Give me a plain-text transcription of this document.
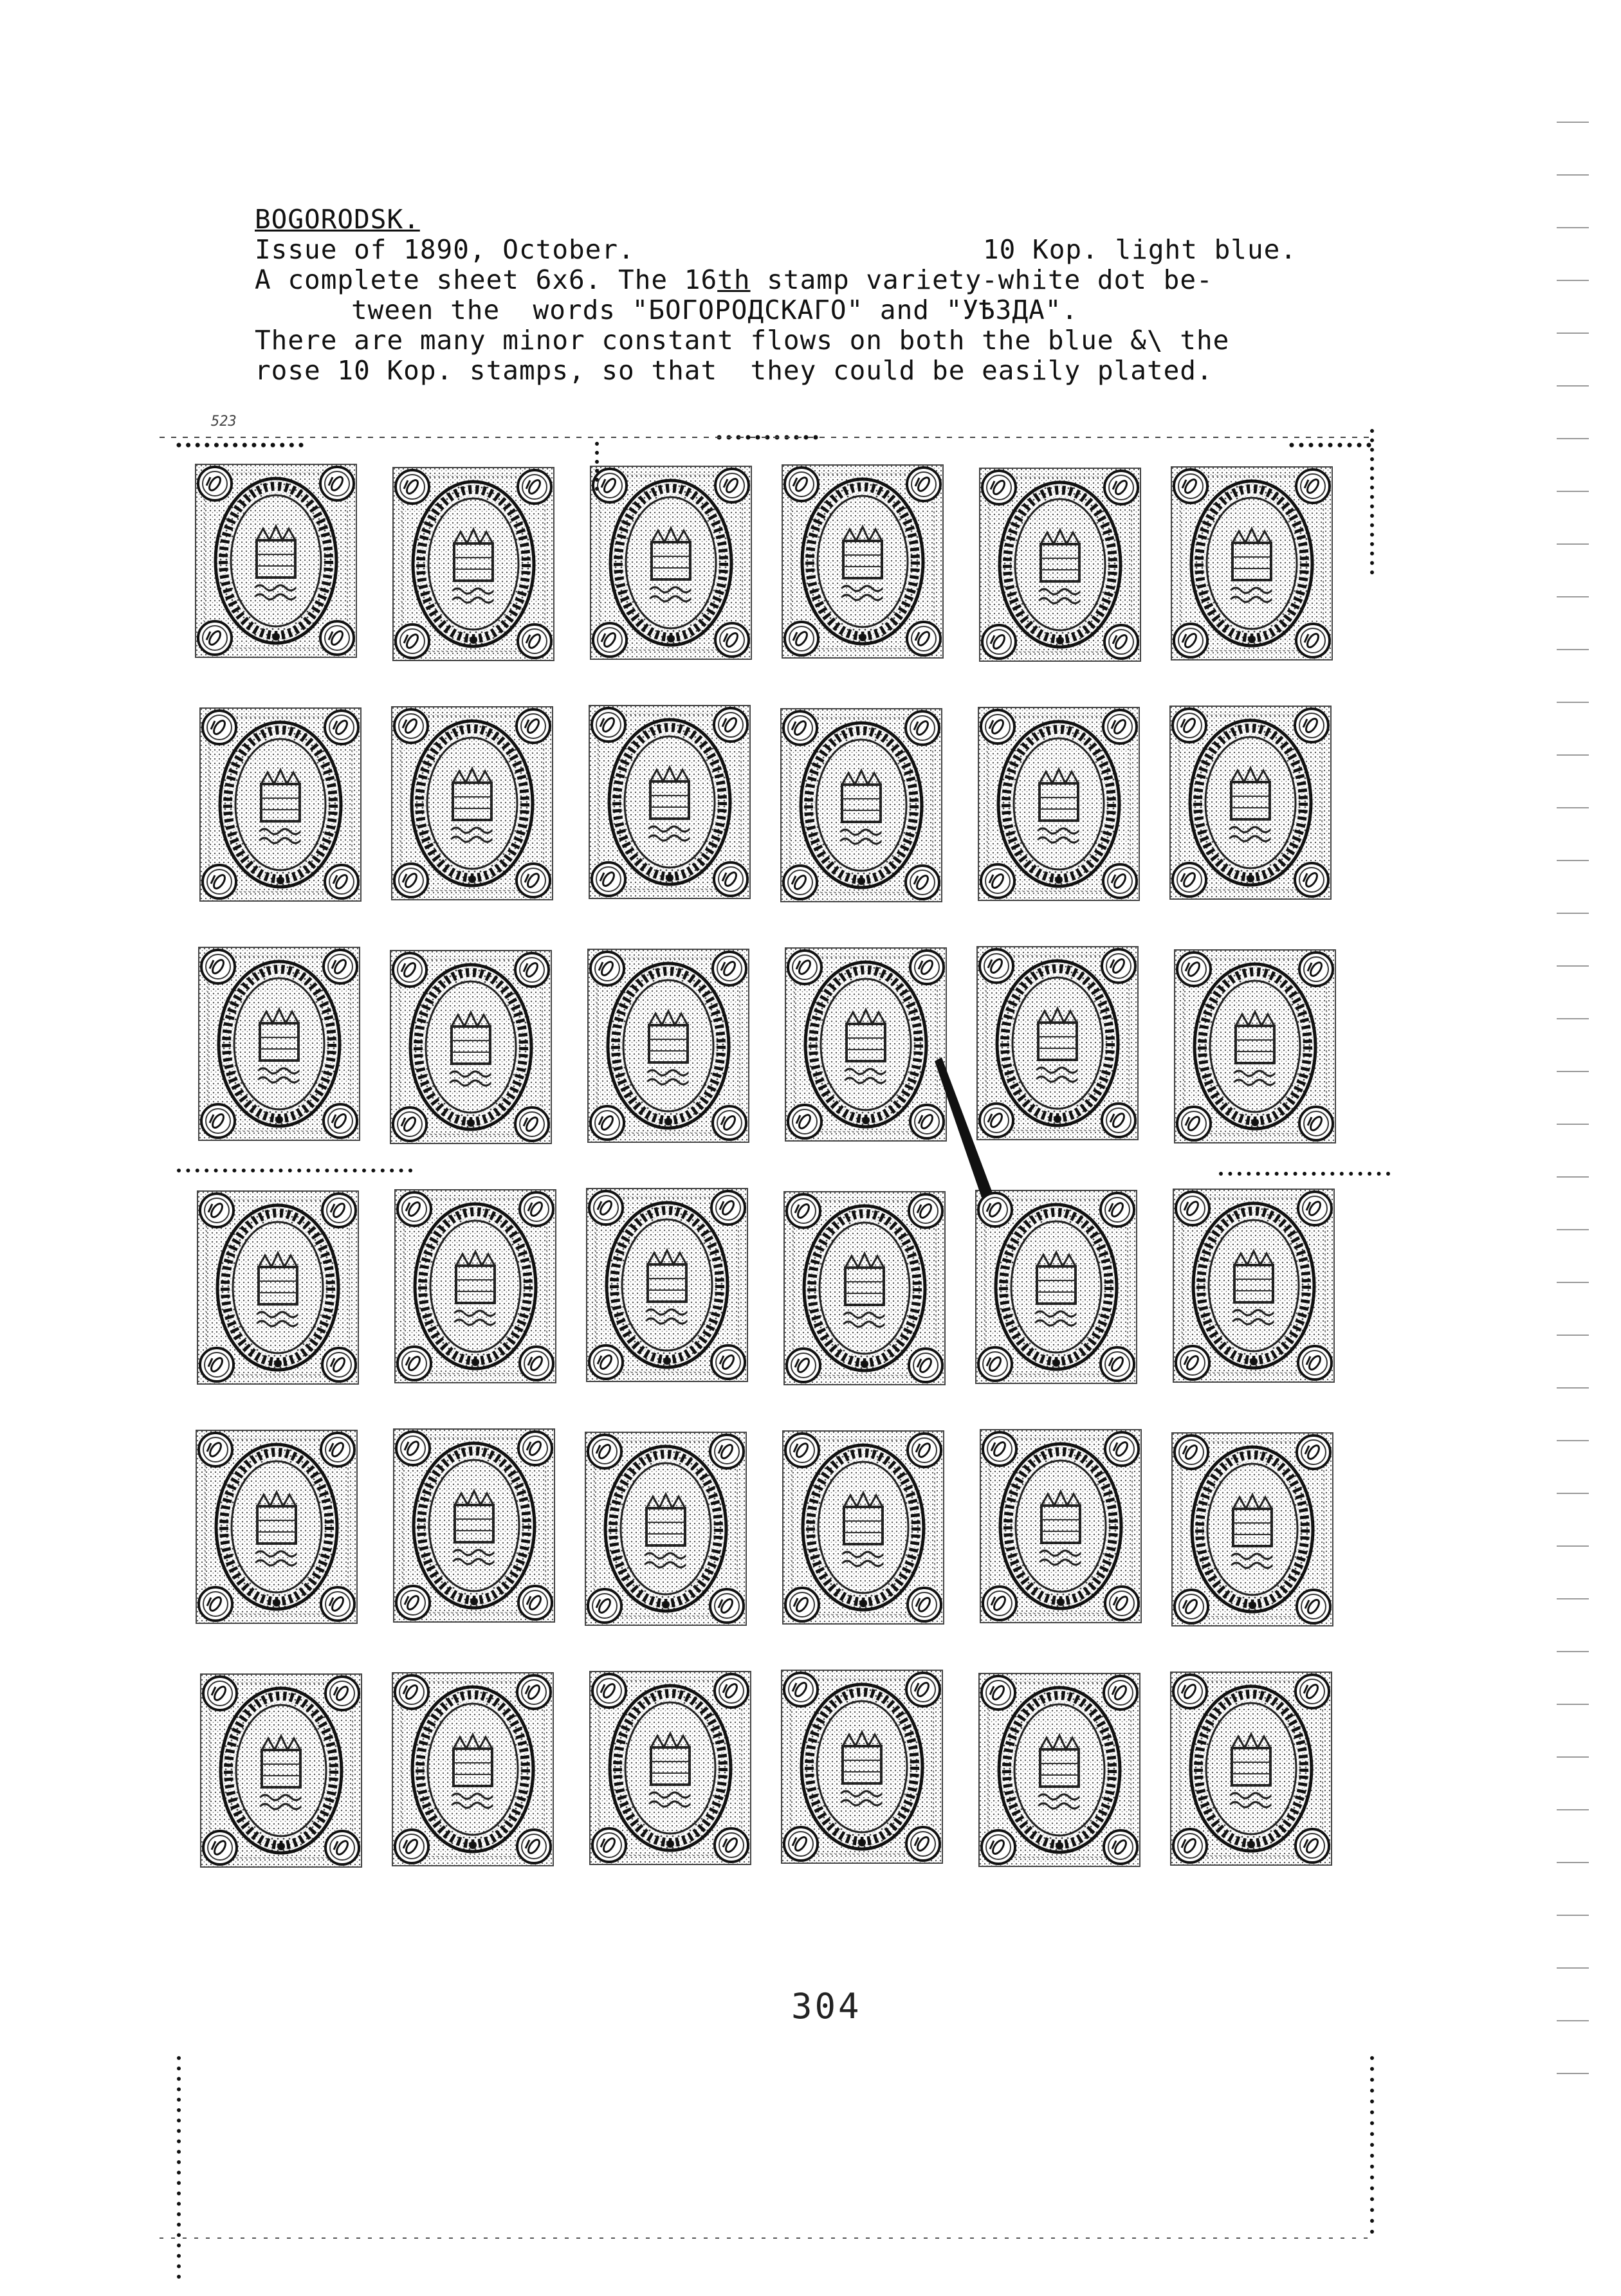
BOGORODSK.
Issue of 1890, October.	10 Kop. light blue.
A complete sheet 6x6. The 16th stamp variety-white dot be-
tween the  words "БОГОРОДСКАГО" and "УѢЗДА".
There are many minor constant flows on both the blue &\ the
rose 10 Kop. stamps, so that  they could be easily plated.
523
304
